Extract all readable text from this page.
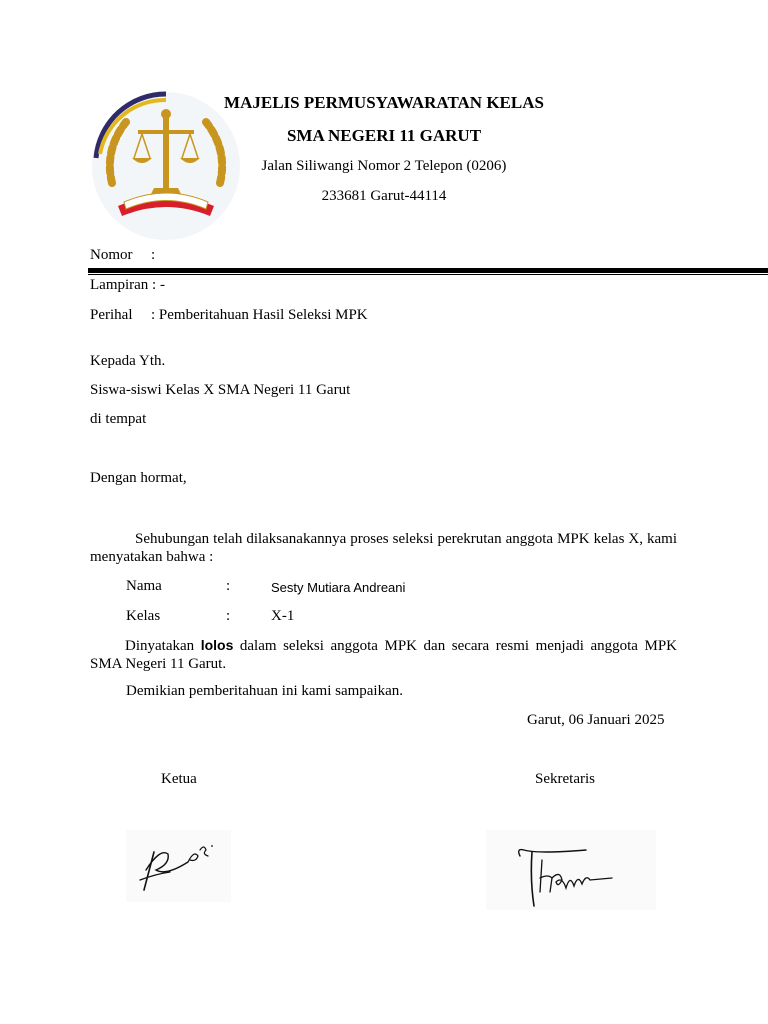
MAJELIS PERMUSYAWARATAN KELAS
SMA NEGERI 11 GARUT
Jalan Siliwangi Nomor 2 Telepon (0206)
233681 Garut-44114
Nomor :
Lampiran : -
Perihal : Pemberitahuan Hasil Seleksi MPK
Kepada Yth.
Siswa-siswi Kelas X SMA Negeri 11 Garut
di tempat
Dengan hormat,
Sehubungan telah dilaksanakannya proses seleksi perekrutan anggota MPK kelas X, kami menyatakan bahwa :
Nama	:	Sesty Mutiara Andreani
Kelas	:	X-1
Dinyatakan lolos dalam seleksi anggota MPK dan secara resmi menjadi anggota MPK SMA Negeri 11 Garut.
Demikian pemberitahuan ini kami sampaikan.
Garut, 06 Januari 2025
Ketua	Sekretaris
